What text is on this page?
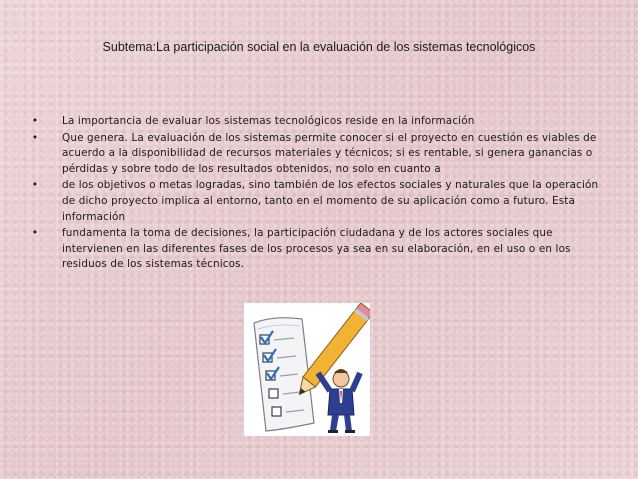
Subtema:La participación social en la evaluación de los sistemas tecnológicos
• La importancia de evaluar los sistemas tecnológicos reside en la información
• Que genera. La evaluación de los sistemas permite conocer si el proyecto en cuestión es viables de acuerdo a la disponibilidad de recursos materiales y técnicos; si es rentable, si genera ganancias o pérdidas y sobre todo de los resultados obtenidos, no solo en cuanto a
• de los objetivos o metas logradas, sino también de los efectos sociales y naturales que la operación de dicho proyecto implica al entorno, tanto en el momento de su aplicación como a futuro. Esta información
• fundamenta la toma de decisiones, la participación ciudadana y de los actores sociales que intervienen en las diferentes fases de los procesos ya sea en su elaboración, en el uso o en los residuos de los sistemas técnicos.
